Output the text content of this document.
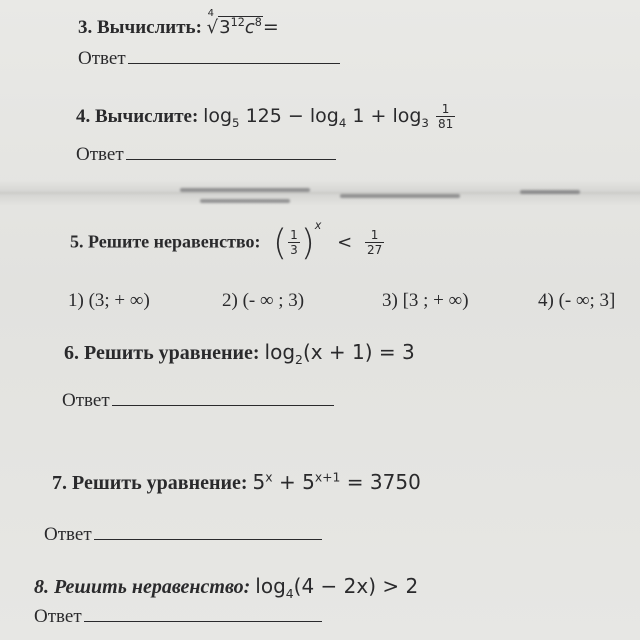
3. Вычислить:
4
$√3^{12}c^8=$
Ответ
4. Вычислите: $\log_5 125 - \log_4 1 + \log_3 \frac{1}{81}$
Ответ
5. Решите неравенство: ( $\frac{1}{3} )^x < \frac{1}{27}$
1) (3; + ∞)	2) (- ∞ ; 3)	3) [3 ; + ∞)	4) (- ∞; 3]
6. Решить уравнение: $\log_2(x + 1) = 3$
Ответ
7. Решить уравнение: $5^x + 5^{x+1} = 3750$
Ответ
8. Решить неравенство: $\log_4(4 - 2x) > 2$
Ответ
